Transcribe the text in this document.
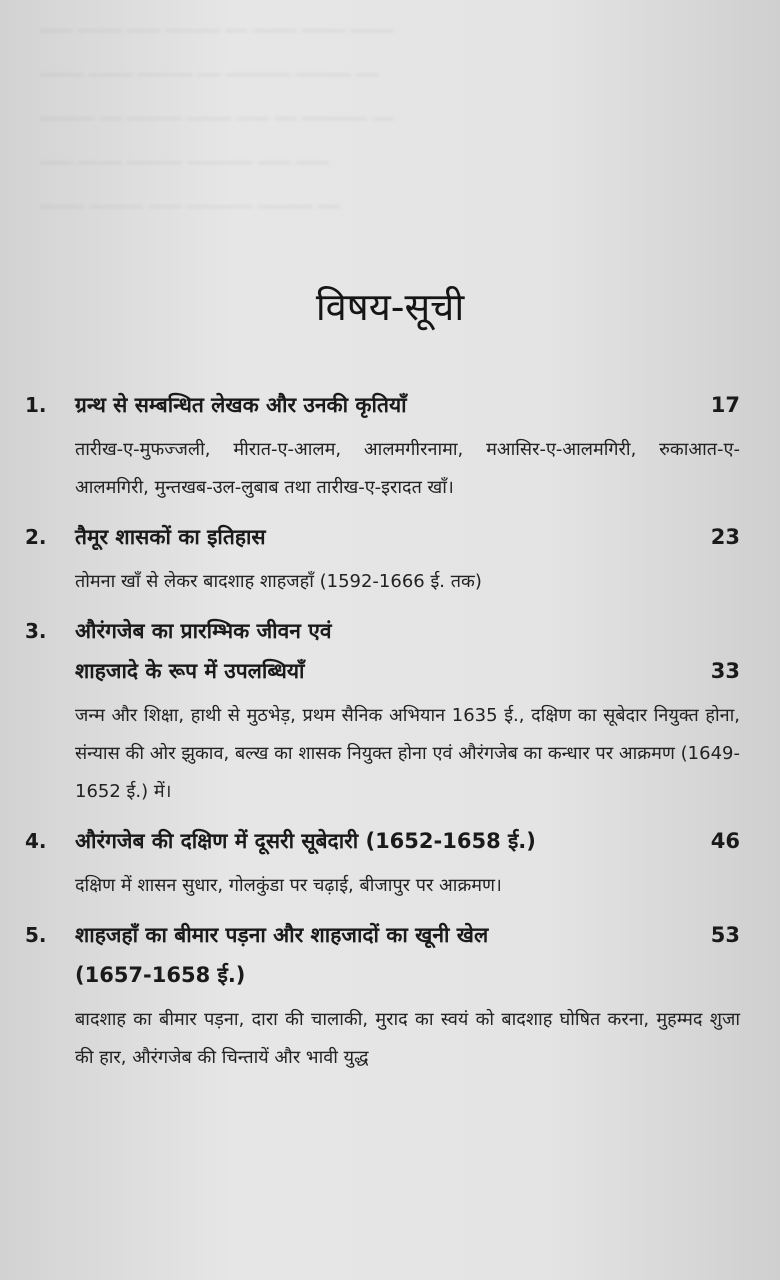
─── ──── ─── ───── ── ──── ──── ────
──── ──── ───── ── ────── ───── ──
───── ── ───── ──── ─── ── ────── ──
─── ──── ───── ────── ─── ───
──── ───── ─── ────── ───── ──
विषय-सूची
1.	ग्रन्थ से सम्बन्धित लेखक और उनकी कृतियाँ	17
तारीख-ए-मुफज्जली, मीरात-ए-आलम, आलमगीरनामा, मआसिर-ए-आलमगिरी, रुकाआत-ए-आलमगिरी, मुन्तखब-उल-लुबाब तथा तारीख-ए-इरादत खाँ।
2.	तैमूर शासकों का इतिहास	23
तोमना खाँ से लेकर बादशाह शाहजहाँ (1592-1666 ई. तक)
3.	औरंगजेब का प्रारम्भिक जीवन एवं
शाहजादे के रूप में उपलब्धियाँ	33
जन्म और शिक्षा, हाथी से मुठभेड़, प्रथम सैनिक अभियान 1635 ई., दक्षिण का सूबेदार नियुक्त होना, संन्यास की ओर झुकाव, बल्ख का शासक नियुक्त होना एवं औरंगजेब का कन्धार पर आक्रमण (1649-1652 ई.) में।
4.	औरंगजेब की दक्षिण में दूसरी सूबेदारी (1652-1658 ई.)	46
दक्षिण में शासन सुधार, गोलकुंडा पर चढ़ाई, बीजापुर पर आक्रमण।
5.	शाहजहाँ का बीमार पड़ना और शाहजादों का खूनी खेल	53
(1657-1658 ई.)
बादशाह का बीमार पड़ना, दारा की चालाकी, मुराद का स्वयं को बादशाह घोषित करना, मुहम्मद शुजा की हार, औरंगजेब की चिन्तायें और भावी युद्ध
